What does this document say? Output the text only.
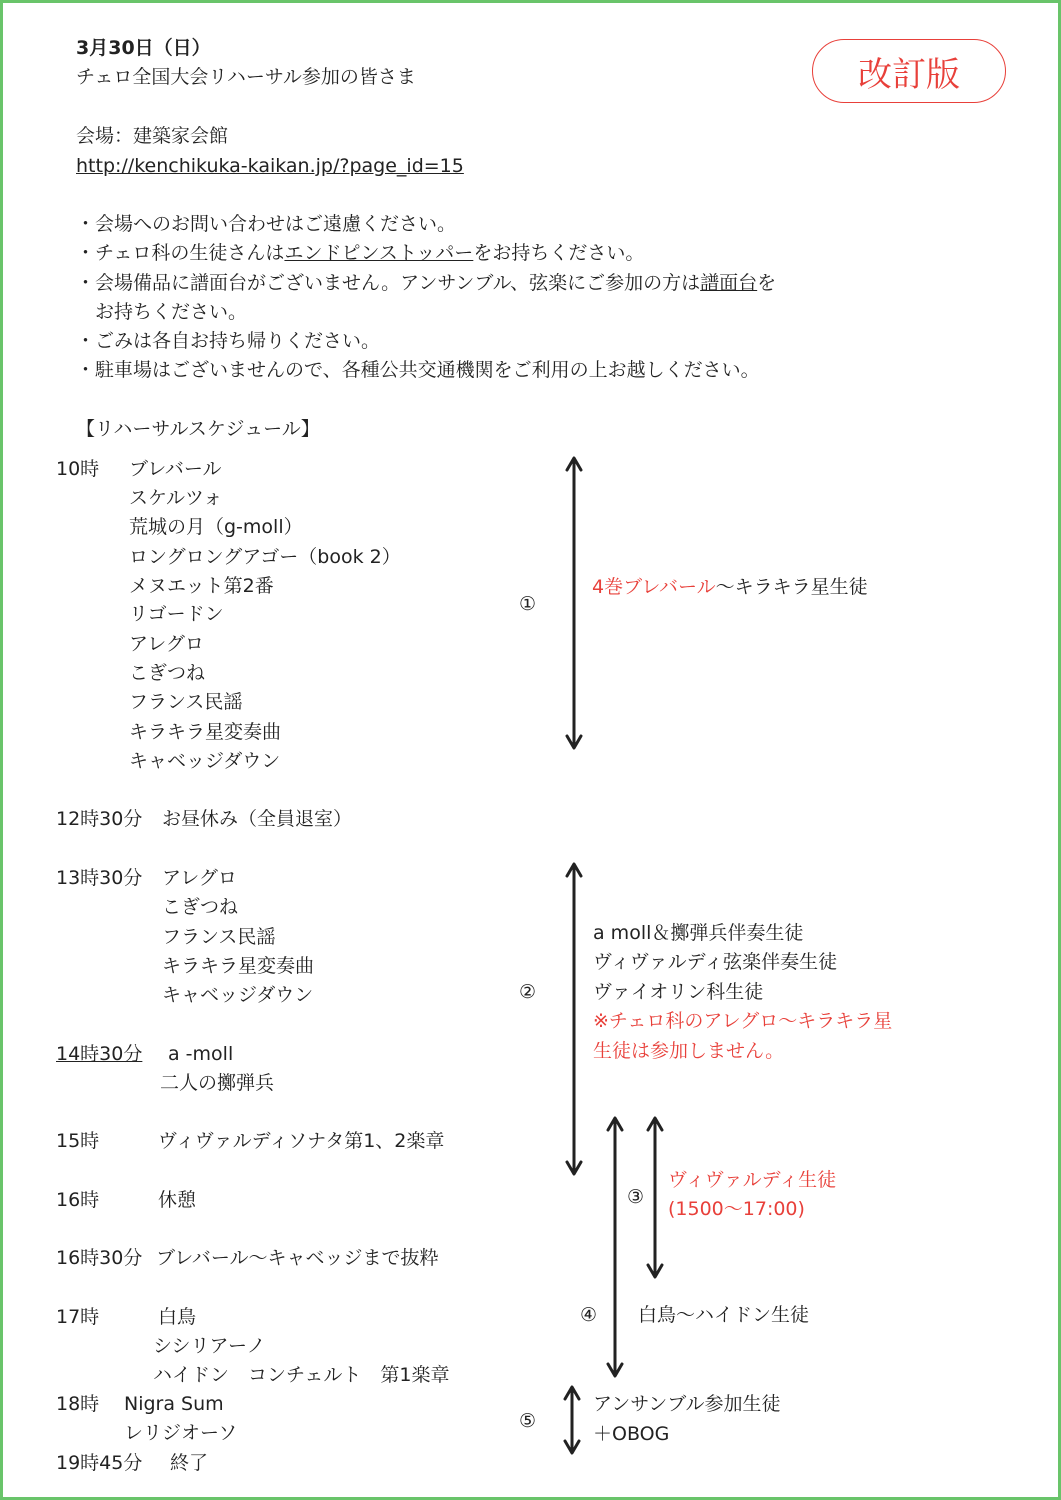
3月30日（日）
チェロ全国大会リハーサル参加の皆さま	改訂版
会場：建築家会館
http://kenchikuka-kaikan.jp/?page_id=15
・会場へのお問い合わせはご遠慮ください。
・チェロ科の生徒さんはエンドピンストッパーをお持ちください。
・会場備品に譜面台がございません。アンサンブル、弦楽にご参加の方は譜面台を
お持ちください。
・ごみは各自お持ち帰りください。
・駐車場はございませんので、各種公共交通機関をご利用の上お越しください。
【リハーサルスケジュール】
10時 ブレバール
スケルツォ
荒城の月（g-moll）
ロングロングアゴー（book 2）
メヌエット第2番
リゴードン
アレグロ
こぎつね
フランス民謡
キラキラ星変奏曲
キャベッジダウン
12時30分 お昼休み（全員退室）
13時30分 アレグロ
こぎつね
フランス民謡
キラキラ星変奏曲
キャベッジダウン
14時30分 a -moll
二人の擲弾兵
15時	ヴィヴァルディソナタ第1、2楽章
16時	休憩
16時30分 ブレバール～キャベッジまで抜粋
17時	白鳥
シシリアーノ
ハイドン　コンチェルト　第1楽章
18時 Nigra Sum
レリジオーソ
19時45分 終了
①
4巻ブレバール～キラキラ星生徒
②
a moll＆擲弾兵伴奏生徒
ヴィヴァルディ弦楽伴奏生徒
ヴァイオリン科生徒
※チェロ科のアレグロ～キラキラ星
生徒は参加しません。
③
ヴィヴァルディ生徒
(1500～17:00)
④ 白鳥～ハイドン生徒
⑤
アンサンブル参加生徒
＋OBOG
